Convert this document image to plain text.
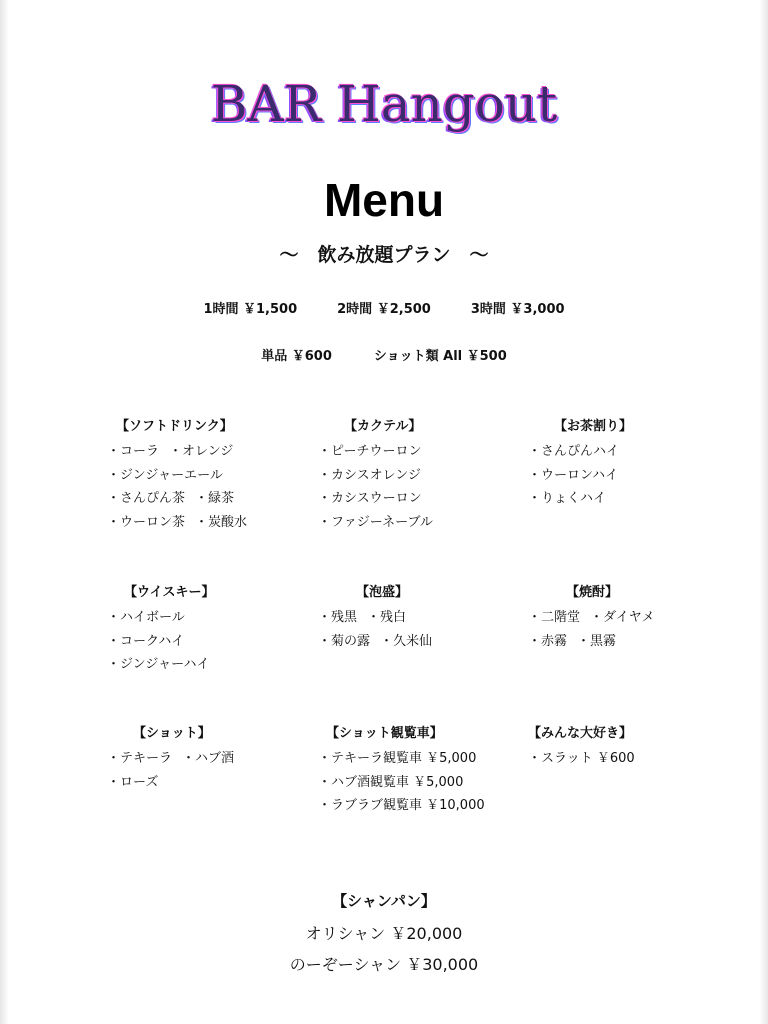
BAR Hangout
Menu
～　飲み放題プラン　～
1時間 ￥1,500	2時間 ￥2,500	3時間 ￥3,000
単品 ￥600	ショット類 All ￥500
【ソフトドリンク】
・コーラ ・オレンジ
・ジンジャーエール
・さんぴん茶 ・緑茶
・ウーロン茶 ・炭酸水
【カクテル】
・ピーチウーロン
・カシスオレンジ
・カシスウーロン
・ファジーネーブル
【お茶割り】
・さんぴんハイ
・ウーロンハイ
・りょくハイ
【ウイスキー】
・ハイボール
・コークハイ
・ジンジャーハイ
【泡盛】
・残黒 ・残白
・菊の露 ・久米仙
【焼酎】
・二階堂 ・ダイヤメ
・赤霧 ・黒霧
【ショット】
・テキーラ ・ハブ酒
・ローズ
【ショット観覧車】
・テキーラ観覧車 ￥5,000
・ハブ酒観覧車 ￥5,000
・ラブラブ観覧車 ￥10,000
【みんな大好き】
・スラット ￥600
【シャンパン】
オリシャン ￥20,000
のーぞーシャン ￥30,000
